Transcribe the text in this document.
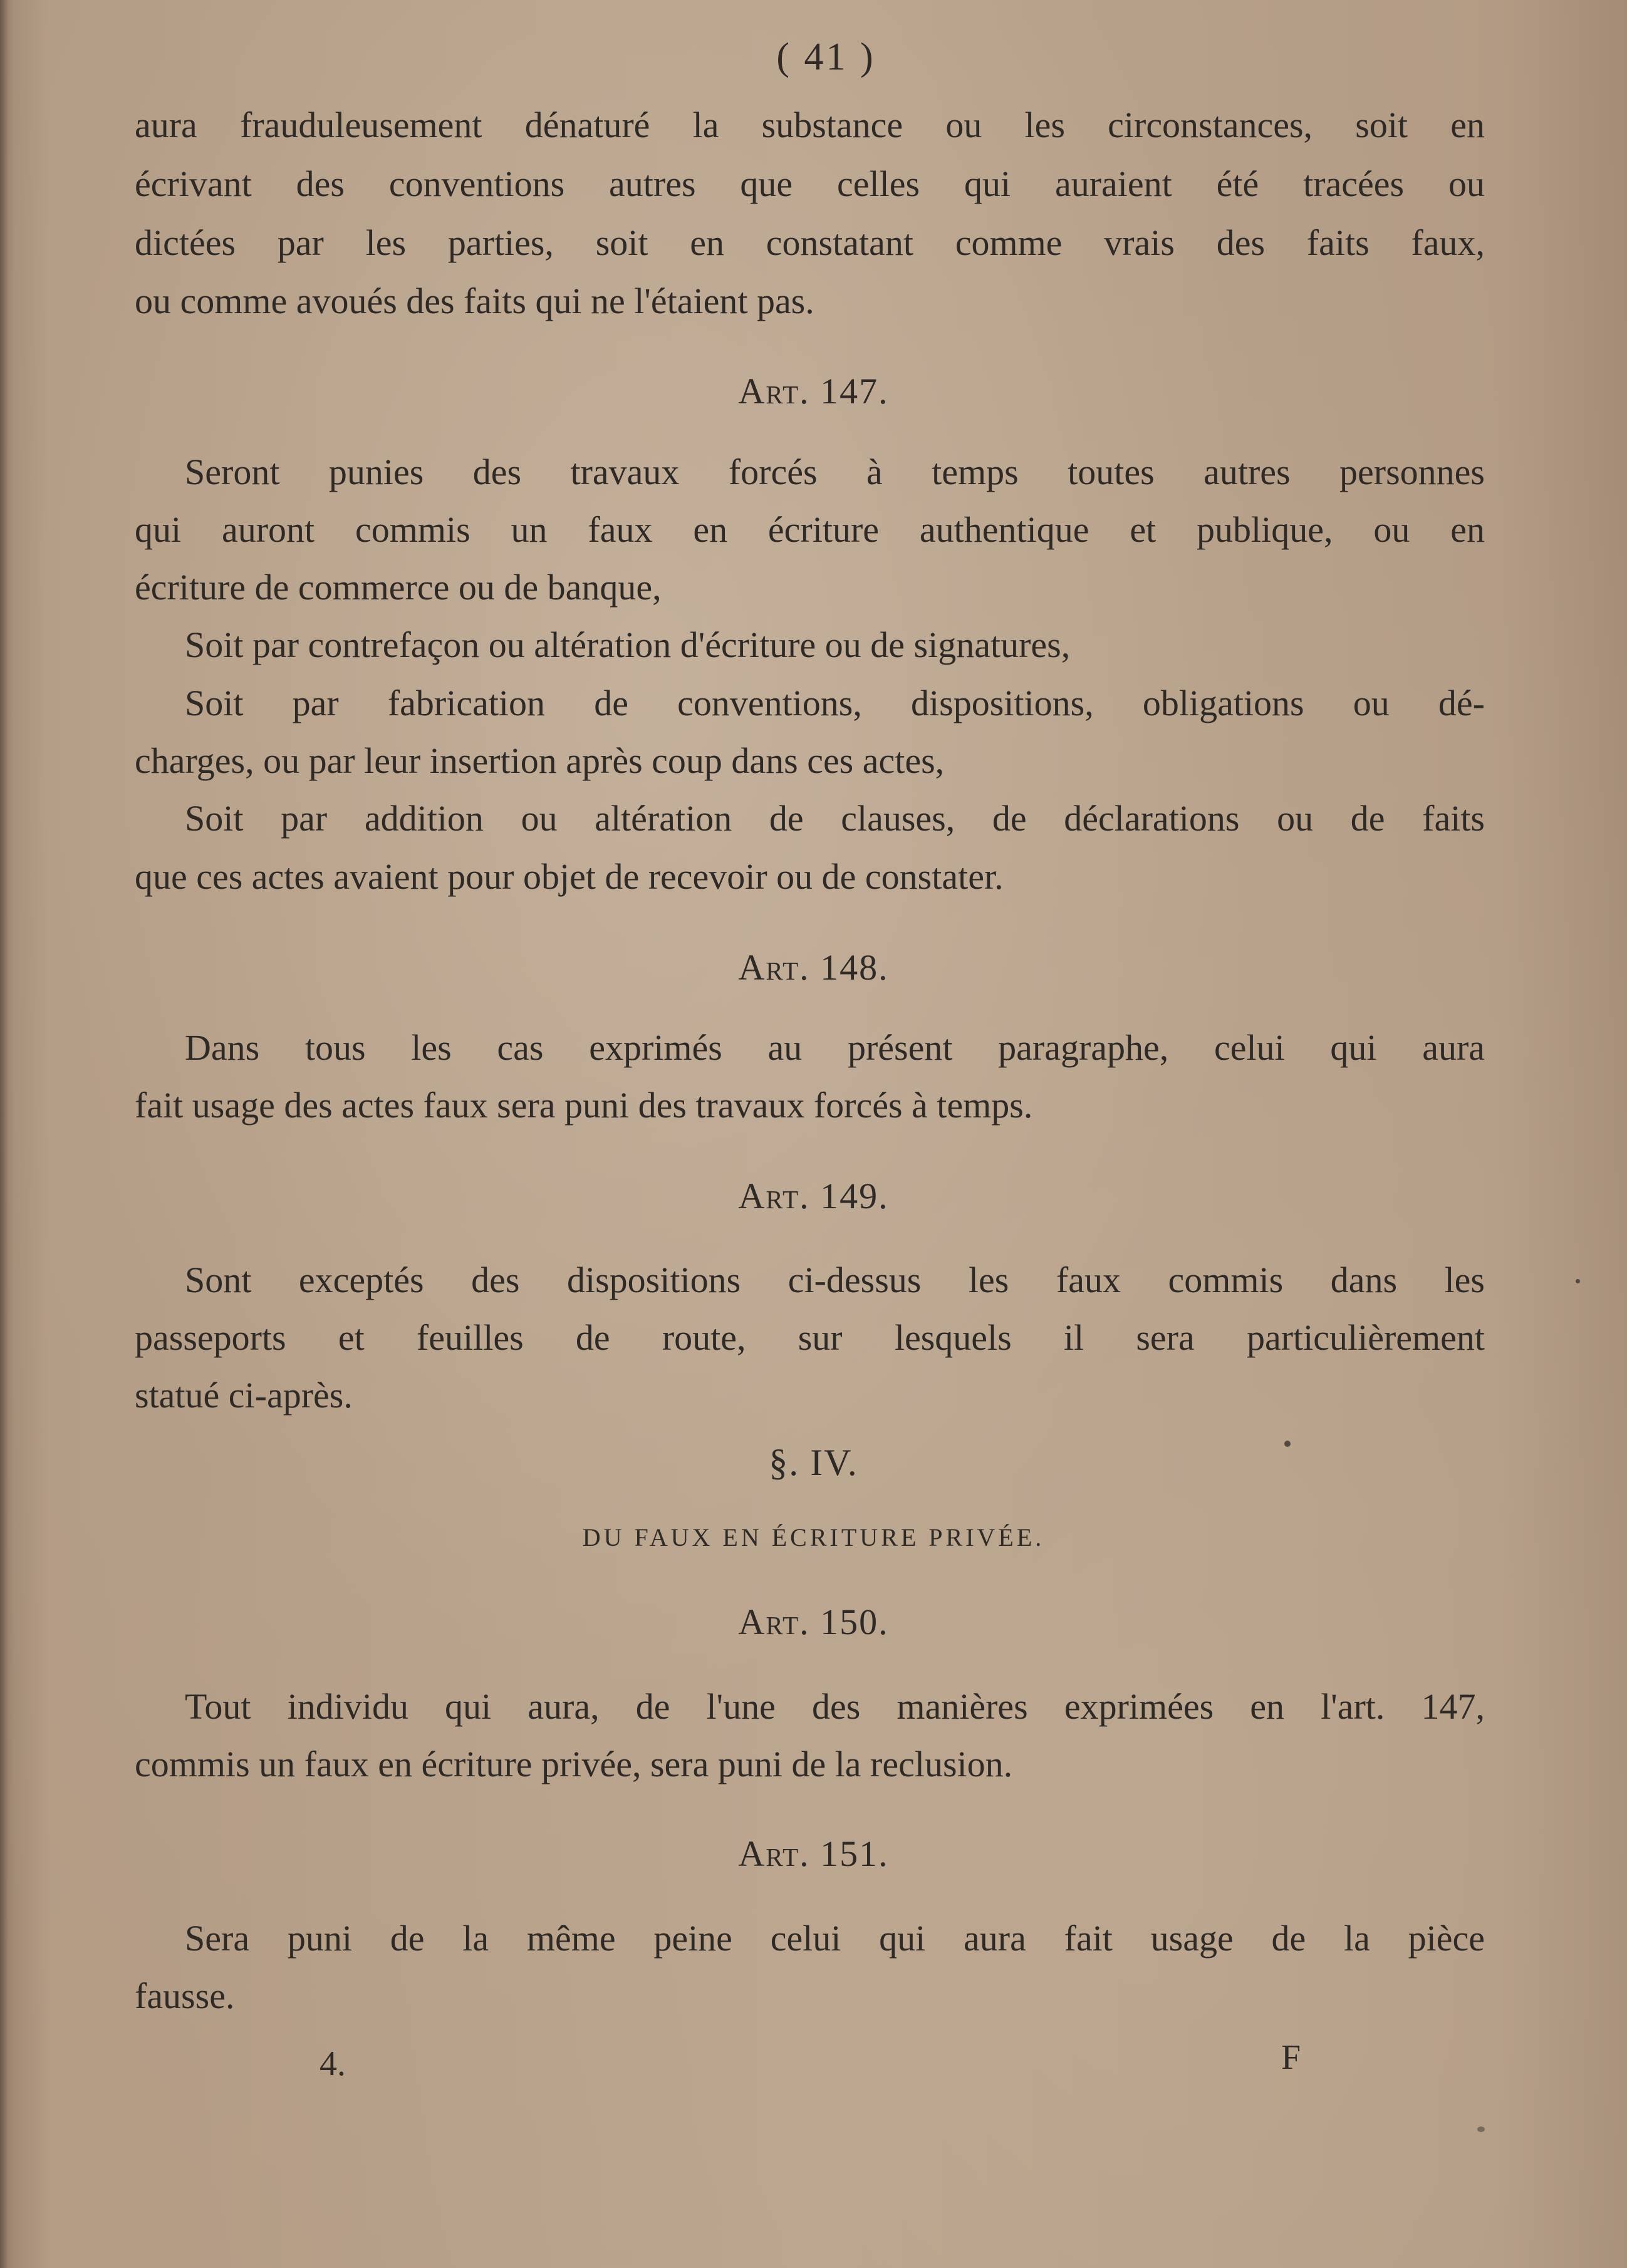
( 41 )
aura frauduleusement dénaturé la substance ou les circonstances, soit en
écrivant des conventions autres que celles qui auraient été tracées ou
dictées par les parties, soit en constatant comme vrais des faits faux,
ou comme avoués des faits qui ne l'étaient pas.
Art. 147.
Seront punies des travaux forcés à temps toutes autres personnes
qui auront commis un faux en écriture authentique et publique, ou en
écriture de commerce ou de banque,
Soit par contrefaçon ou altération d'écriture ou de signatures,
Soit par fabrication de conventions, dispositions, obligations ou dé-
charges, ou par leur insertion après coup dans ces actes,
Soit par addition ou altération de clauses, de déclarations ou de faits
que ces actes avaient pour objet de recevoir ou de constater.
Art. 148.
Dans tous les cas exprimés au présent paragraphe, celui qui aura
fait usage des actes faux sera puni des travaux forcés à temps.
Art. 149.
Sont exceptés des dispositions ci-dessus les faux commis dans les
passeports et feuilles de route, sur lesquels il sera particulièrement
statué ci-après.
§. IV.
DU FAUX EN ÉCRITURE PRIVÉE.
Art. 150.
Tout individu qui aura, de l'une des manières exprimées en l'art. 147,
commis un faux en écriture privée, sera puni de la reclusion.
Art. 151.
Sera puni de la même peine celui qui aura fait usage de la pièce
fausse.
4.	F
